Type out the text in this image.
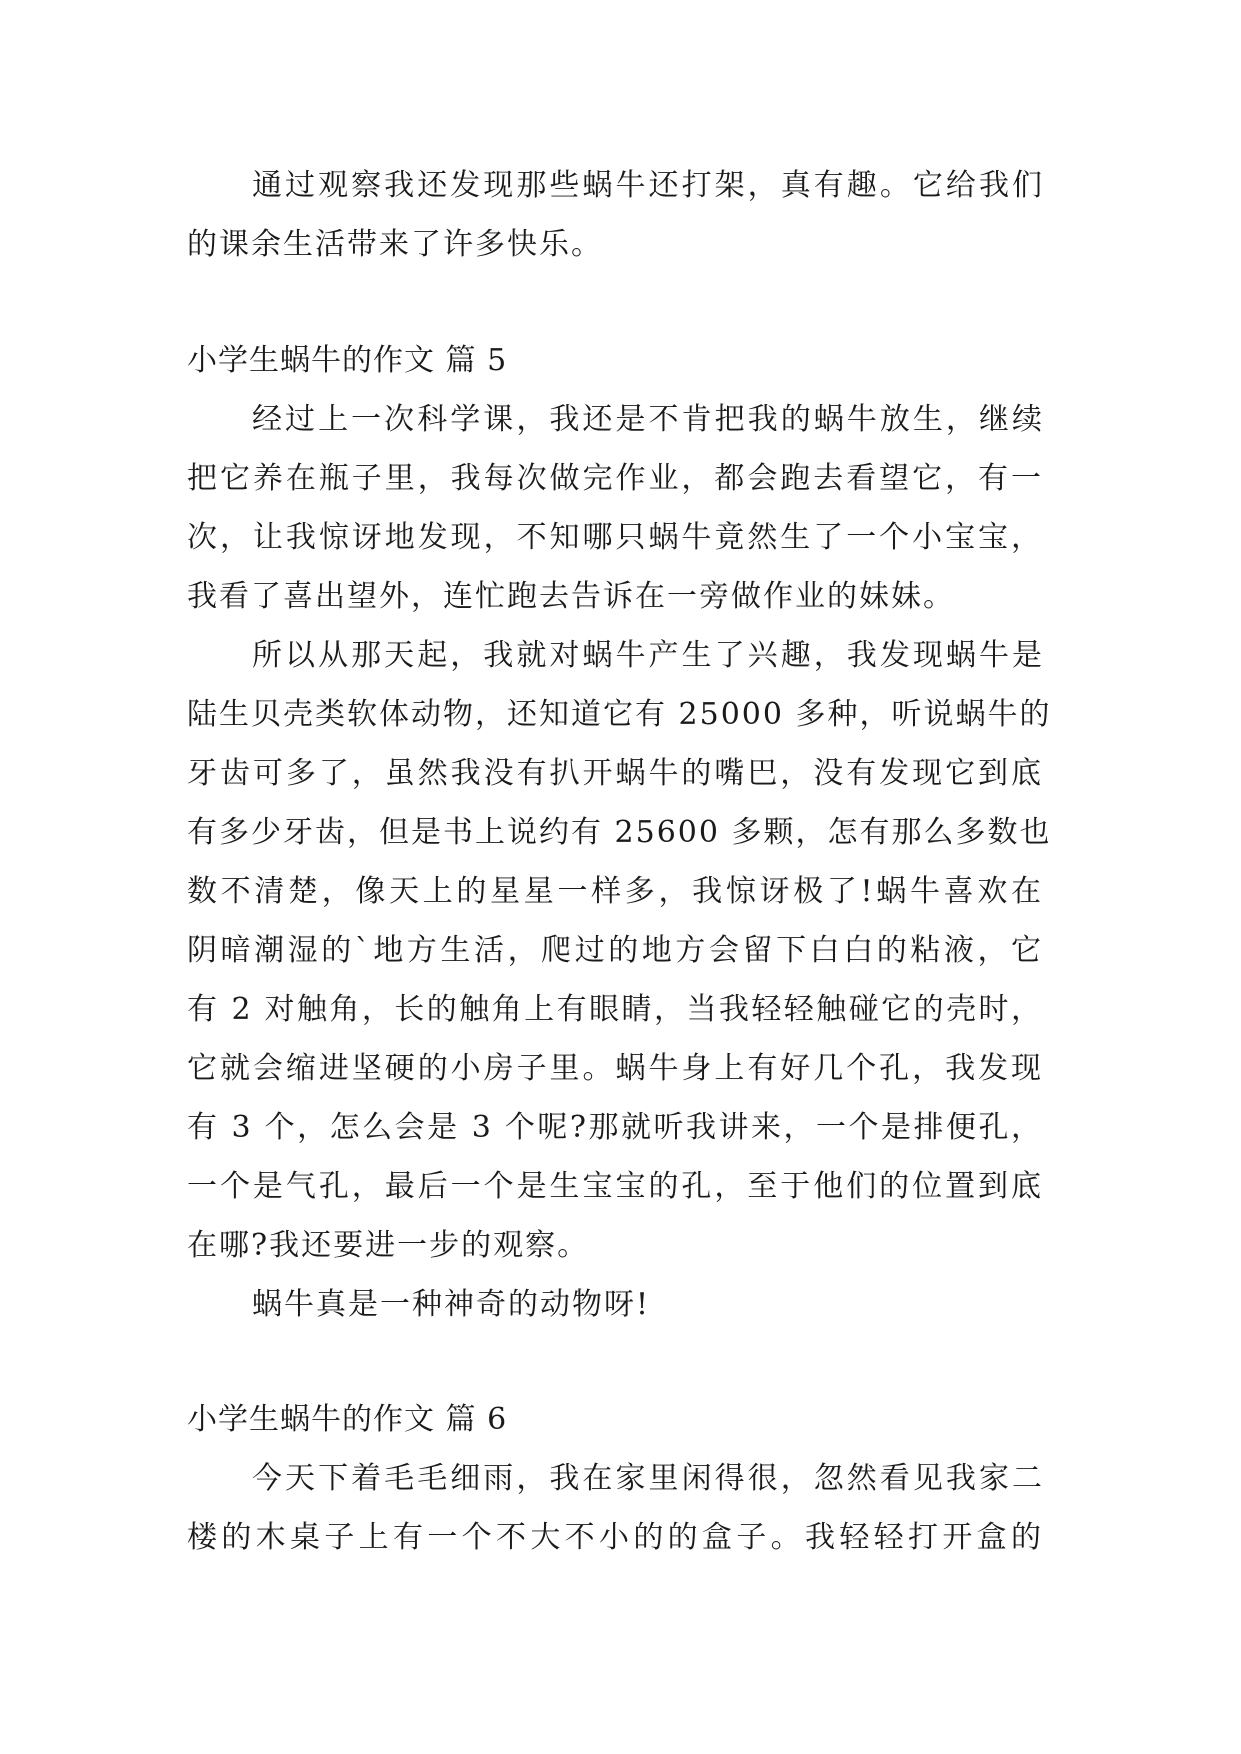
通过观察我还发现那些蜗牛还打架，真有趣。它给我们
的课余生活带来了许多快乐。
小学生蜗牛的作文 篇 5
经过上一次科学课，我还是不肯把我的蜗牛放生，继续
把它养在瓶子里，我每次做完作业，都会跑去看望它，有一
次，让我惊讶地发现，不知哪只蜗牛竟然生了一个小宝宝，
我看了喜出望外，连忙跑去告诉在一旁做作业的妹妹。
所以从那天起，我就对蜗牛产生了兴趣，我发现蜗牛是
陆生贝壳类软体动物，还知道它有 25000 多种，听说蜗牛的
牙齿可多了，虽然我没有扒开蜗牛的嘴巴，没有发现它到底
有多少牙齿，但是书上说约有 25600 多颗，怎有那么多数也
数不清楚，像天上的星星一样多，我惊讶极了!蜗牛喜欢在
阴暗潮湿的`地方生活，爬过的地方会留下白白的粘液，它
有 2 对触角，长的触角上有眼睛，当我轻轻触碰它的壳时，
它就会缩进坚硬的小房子里。蜗牛身上有好几个孔，我发现
有 3 个，怎么会是 3 个呢?那就听我讲来，一个是排便孔，
一个是气孔，最后一个是生宝宝的孔，至于他们的位置到底
在哪?我还要进一步的观察。
蜗牛真是一种神奇的动物呀!
小学生蜗牛的作文 篇 6
今天下着毛毛细雨，我在家里闲得很，忽然看见我家二
楼的木桌子上有一个不大不小的的盒子。我轻轻打开盒的
